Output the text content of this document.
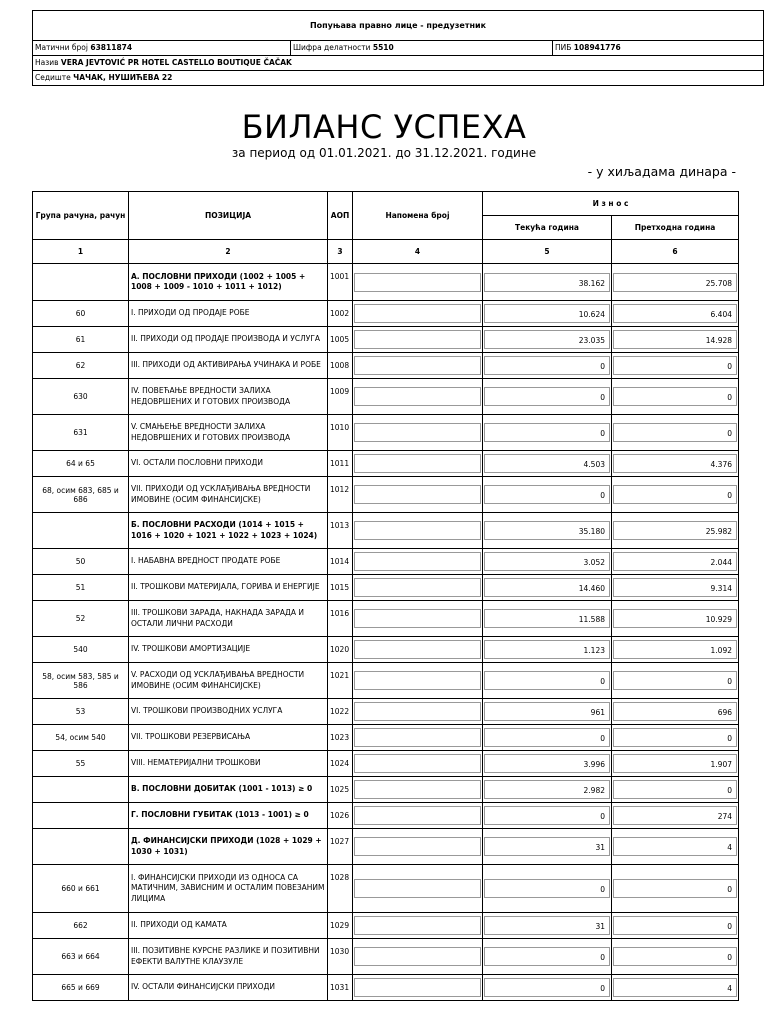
Попуњава правно лице - предузетник
Матични број 63811874	Шифра делатности 5510	ПИБ 108941776
Назив VERA JEVTOVIĆ PR HOTEL CASTELLO BOUTIQUE ČAČAK
Седиште ЧАЧАК, НУШИЋЕВА 22
БИЛАНС УСПЕХА
за период од 01.01.2021. до 31.12.2021. године
- у хиљадама динара -
Група рачуна, рачун	ПОЗИЦИЈА	АОП	Напомена број	И з н о с	
				Текућа година	Претходна година
1	2	3	4	5	6
	А. ПОСЛОВНИ ПРИХОДИ (1002 + 1005 + 1008 + 1009 - 1010 + 1011 + 1012)	1001		38.162	25.708

60	I. ПРИХОДИ ОД ПРОДАЈЕ РОБЕ	1002		10.624	6.404

61	II. ПРИХОДИ ОД ПРОДАЈЕ ПРОИЗВОДА И УСЛУГА	1005		23.035	14.928

62	III. ПРИХОДИ ОД АКТИВИРАЊА УЧИНАКА И РОБЕ	1008		0	0

630	IV. ПОВЕЋАЊЕ ВРЕДНОСТИ ЗАЛИХА НЕДОВРШЕНИХ И ГОТОВИХ ПРОИЗВОДА	1009		0	0

631	V. СМАЊЕЊЕ ВРЕДНОСТИ ЗАЛИХА НЕДОВРШЕНИХ И ГОТОВИХ ПРОИЗВОДА	1010		0	0

64 и 65	VI. ОСТАЛИ ПОСЛОВНИ ПРИХОДИ	1011		4.503	4.376

68, осим 683, 685 и 686	VII. ПРИХОДИ ОД УСКЛАЂИВАЊА ВРЕДНОСТИ ИМОВИНЕ (ОСИМ ФИНАНСИЈСКЕ)	1012		0	0

	Б. ПОСЛОВНИ РАСХОДИ (1014 + 1015 + 1016 + 1020 + 1021 + 1022 + 1023 + 1024)	1013		35.180	25.982

50	I. НАБАВНА ВРЕДНОСТ ПРОДАТЕ РОБЕ	1014		3.052	2.044

51	II. ТРОШКОВИ МАТЕРИЈАЛА, ГОРИВА И ЕНЕРГИЈЕ	1015		14.460	9.314

52	III. ТРОШКОВИ ЗАРАДА, НАКНАДА ЗАРАДА И ОСТАЛИ ЛИЧНИ РАСХОДИ	1016		11.588	10.929

540	IV. ТРОШКОВИ АМОРТИЗАЦИЈЕ	1020		1.123	1.092

58, осим 583, 585 и 586	V. РАСХОДИ ОД УСКЛАЂИВАЊА ВРЕДНОСТИ ИМОВИНЕ (ОСИМ ФИНАНСИЈСКЕ)	1021		0	0

53	VI. ТРОШКОВИ ПРОИЗВОДНИХ УСЛУГА	1022		961	696

54, осим 540	VII. ТРОШКОВИ РЕЗЕРВИСАЊА	1023		0	0

55	VIII. НЕМАТЕРИЈАЛНИ ТРОШКОВИ	1024		3.996	1.907

	В. ПОСЛОВНИ ДОБИТАК (1001 - 1013) ≥ 0	1025		2.982	0

	Г. ПОСЛОВНИ ГУБИТАК (1013 - 1001) ≥ 0	1026		0	274

	Д. ФИНАНСИЈСКИ ПРИХОДИ (1028 + 1029 + 1030 + 1031)	1027		31	4

660 и 661	I. ФИНАНСИЈСКИ ПРИХОДИ ИЗ ОДНОСА СА МАТИЧНИМ, ЗАВИСНИМ И ОСТАЛИМ ПОВЕЗАНИМ ЛИЦИМА	1028		0	0

662	II. ПРИХОДИ ОД КАМАТА	1029		31	0

663 и 664	III. ПОЗИТИВНЕ КУРСНЕ РАЗЛИКЕ И ПОЗИТИВНИ ЕФЕКТИ ВАЛУТНЕ КЛАУЗУЛЕ	1030		0	0

665 и 669	IV. ОСТАЛИ ФИНАНСИЈСКИ ПРИХОДИ	1031		0	4
